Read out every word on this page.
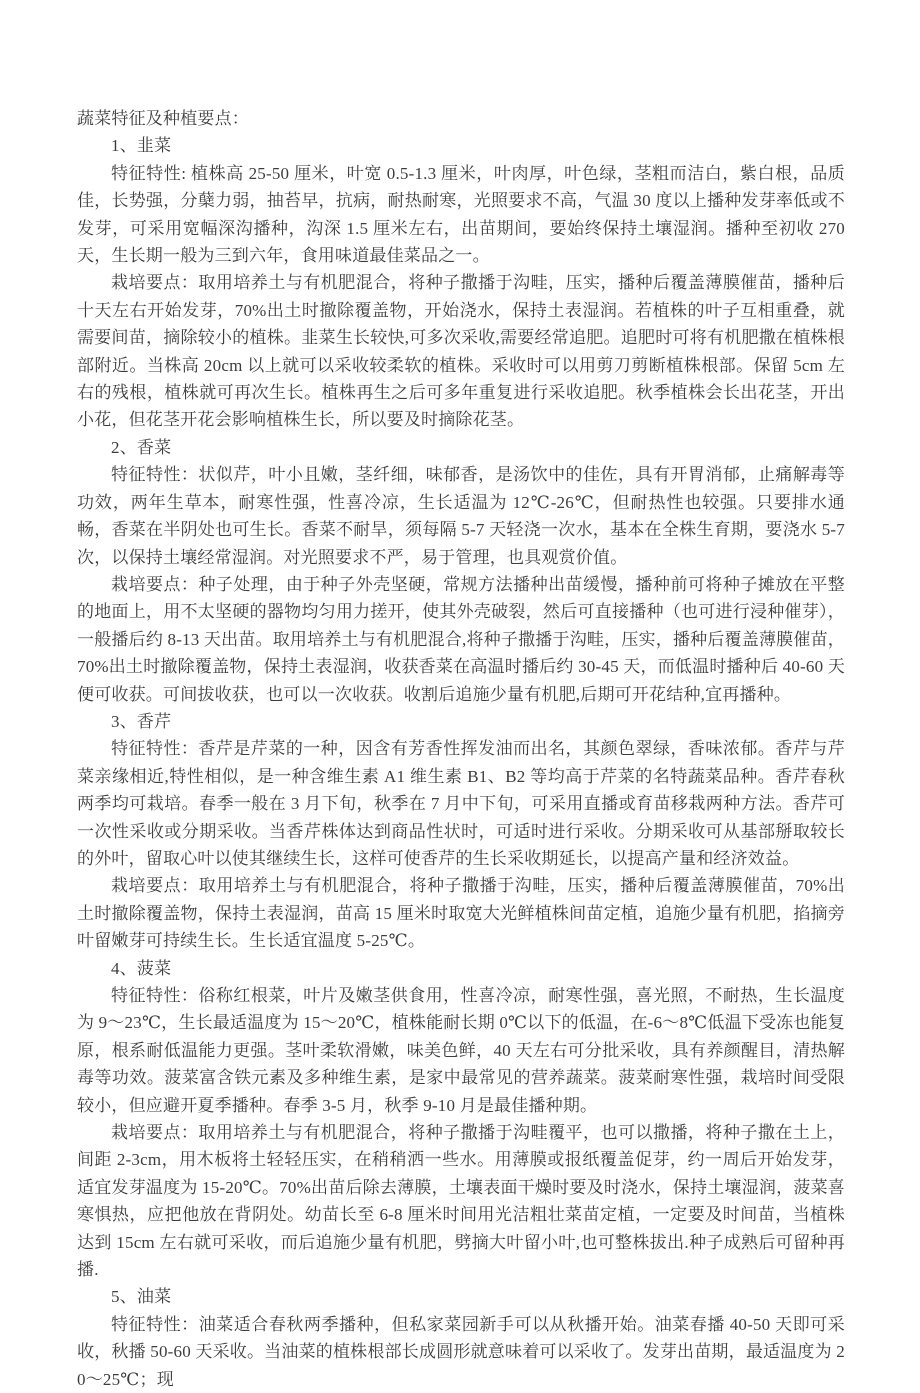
蔬菜特征及种植要点：

1、韭菜

特征特性: 植株高 25-50 厘米，叶宽 0.5-1.3 厘米，叶肉厚，叶色绿，茎粗而洁白，紫白根，品质佳，长势强，分蘖力弱，抽苔早，抗病，耐热耐寒，光照要求不高，气温 30 度以上播种发芽率低或不发芽，可采用宽幅深沟播种，沟深 1.5 厘米左右，出苗期间，要始终保持土壤湿润。播种至初收 270 天，生长期一般为三到六年，食用味道最佳菜品之一。

栽培要点：取用培养土与有机肥混合，将种子撒播于沟畦，压实，播种后覆盖薄膜催苗，播种后十天左右开始发芽，70%出土时撤除覆盖物，开始浇水，保持土表湿润。若植株的叶子互相重叠，就需要间苗，摘除较小的植株。韭菜生长较快,可多次采收,需要经常追肥。追肥时可将有机肥撒在植株根部附近。当株高 20cm 以上就可以采收较柔软的植株。采收时可以用剪刀剪断植株根部。保留 5cm 左右的残根，植株就可再次生长。植株再生之后可多年重复进行采收追肥。秋季植株会长出花茎，开出小花，但花茎开花会影响植株生长，所以要及时摘除花茎。

2、香菜

特征特性：状似芹，叶小且嫩，茎纤细，味郁香，是汤饮中的佳佐，具有开胃消郁，止痛解毒等功效，两年生草本，耐寒性强，性喜冷凉，生长适温为 12℃-26℃，但耐热性也较强。只要排水通畅，香菜在半阴处也可生长。香菜不耐旱，须每隔 5-7 天轻浇一次水，基本在全株生育期，要浇水 5-7 次，以保持土壤经常湿润。对光照要求不严，易于管理，也具观赏价值。

栽培要点：种子处理，由于种子外壳坚硬，常规方法播种出苗缓慢，播种前可将种子摊放在平整的地面上，用不太坚硬的器物均匀用力搓开，使其外壳破裂，然后可直接播种（也可进行浸种催芽），一般播后约 8-13 天出苗。取用培养土与有机肥混合,将种子撒播于沟畦，压实，播种后覆盖薄膜催苗，70%出土时撤除覆盖物，保持土表湿润，收获香菜在高温时播后约 30-45 天，而低温时播种后 40-60 天便可收获。可间拔收获，也可以一次收获。收割后追施少量有机肥,后期可开花结种,宜再播种。

3、香芹

特征特性：香芹是芹菜的一种，因含有芳香性挥发油而出名，其颜色翠绿，香味浓郁。香芹与芹菜亲缘相近,特性相似，是一种含维生素 A1 维生素 B1、B2 等均高于芹菜的名特蔬菜品种。香芹春秋两季均可栽培。春季一般在 3 月下旬，秋季在 7 月中下旬，可采用直播或育苗移栽两种方法。香芹可一次性采收或分期采收。当香芹株体达到商品性状时，可适时进行采收。分期采收可从基部掰取较长的外叶，留取心叶以使其继续生长，这样可使香芹的生长采收期延长，以提高产量和经济效益。

栽培要点：取用培养土与有机肥混合，将种子撒播于沟畦，压实，播种后覆盖薄膜催苗，70%出土时撤除覆盖物，保持土表湿润，苗高 15 厘米时取宽大光鲜植株间苗定植，追施少量有机肥，掐摘旁叶留嫩芽可持续生长。生长适宜温度 5-25℃。

4、菠菜

特征特性：俗称红根菜，叶片及嫩茎供食用，性喜冷凉，耐寒性强，喜光照，不耐热，生长温度为 9～23℃，生长最适温度为 15～20℃，植株能耐长期 0℃以下的低温，在-6～8℃低温下受冻也能复原，根系耐低温能力更强。茎叶柔软滑嫩，味美色鲜，40 天左右可分批采收，具有养颜醒目，清热解毒等功效。菠菜富含铁元素及多种维生素，是家中最常见的营养蔬菜。菠菜耐寒性强，栽培时间受限较小，但应避开夏季播种。春季 3-5 月，秋季 9-10 月是最佳播种期。

栽培要点：取用培养土与有机肥混合，将种子撒播于沟畦覆平，也可以撒播，将种子撒在土上，间距 2-3cm，用木板将土轻轻压实，在稍稍洒一些水。用薄膜或报纸覆盖促芽，约一周后开始发芽，适宜发芽温度为 15-20℃。70%出苗后除去薄膜，土壤表面干燥时要及时浇水，保持土壤湿润，菠菜喜寒惧热，应把他放在背阴处。幼苗长至 6-8 厘米时间用光洁粗壮菜苗定植，一定要及时间苗，当植株达到 15cm 左右就可采收，而后追施少量有机肥，劈摘大叶留小叶,也可整株拔出.种子成熟后可留种再播.

5、油菜

特征特性：油菜适合春秋两季播种，但私家菜园新手可以从秋播开始。油菜春播 40-50 天即可采收，秋播 50-60 天采收。当油菜的植株根部长成圆形就意味着可以采收了。发芽出苗期，最适温度为 20～25℃；现
